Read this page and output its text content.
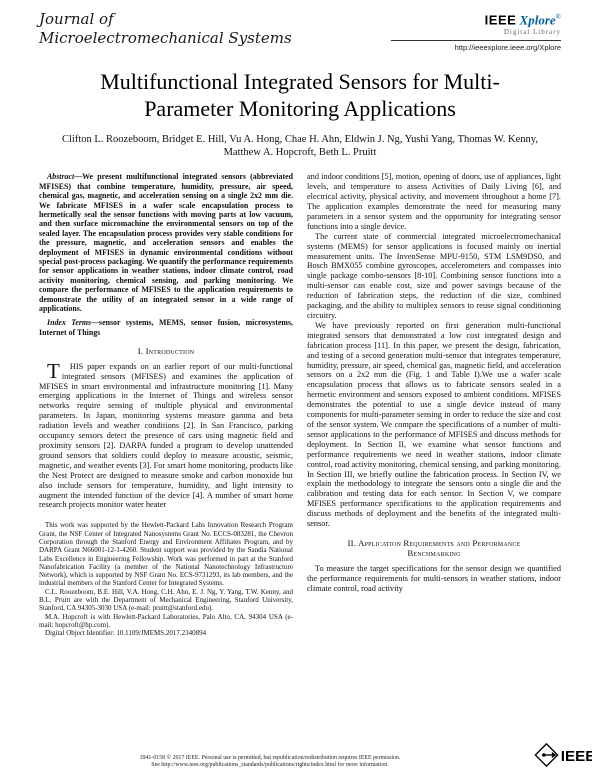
Journal of
Microelectromechanical Systems
IEEE Xplore®
Digital Library
http://ieeexplore.ieee.org/Xplore
Multifunctional Integrated Sensors for Multi-Parameter Monitoring Applications
Clifton L. Roozeboom, Bridget E. Hill, Vu A. Hong, Chae H. Ahn, Eldwin J. Ng, Yushi Yang, Thomas W. Kenny, Matthew A. Hopcroft, Beth L. Pruitt

Abstract—We present multifunctional integrated sensors (abbreviated MFISES) that combine temperature, humidity, pressure, air speed, chemical gas, magnetic, and acceleration sensing on a single 2x2 mm die. We fabricate MFISES in a wafer scale encapsulation process to hermetically seal the sensor functions with moving parts at low vacuum, and then surface micromachine the environmental sensors on top of the sealed layer. The encapsulation process provides very stable conditions for the pressure, magnetic, and acceleration sensors and enables the deployment of MFISES in dynamic environmental conditions without special post-process packaging. We quantify the performance requirements for sensor applications in weather stations, indoor climate control, road activity monitoring, chemical sensing, and parking monitoring. We compare the performance of MFISES to the application requirements to demonstrate the utility of an integrated sensor in a wide range of applications.

Index Terms—sensor systems, MEMS, sensor fusion, microsystems, Internet of Things

I. Introduction

T HIS paper expands on an earlier report of our multi-functional integrated sensors (MFISES) and examines the application of MFISES in smart environmental and infrastructure monitoring [1]. Many emerging applications in the Internet of Things and wireless sensor networks require sensing of multiple physical and environmental parameters. In Japan, monitoring systems measure gamma and beta radiation levels and weather conditions [2]. In San Francisco, parking occupancy sensors detect the presence of cars using magnetic field and proximity sensors [2]. DARPA funded a program to develop unattended ground sensors that soldiers could deploy to measure acoustic, seismic, magnetic, and weather events [3]. For smart home monitoring, products like the Nest Protect are designed to measure smoke and carbon monoxide but also include sensors for temperature, humidity, and light intensity to augment the intended function of the device [4]. A number of smart home research projects monitor water heater

This work was supported by the Hewlett-Packard Labs Innovation Research Program Grant, the NSF Center of Integrated Nanosystems Grant No. ECCS-083281, the Chevron Corporation through the Stanford Energy and Environment Affiliates Program, and by DARPA Grant N66001-12-1-4260. Student support was provided by the Sandia National Labs Excellence in Engineering Fellowship. Work was performed in part at the Stanford Nanofabrication Facility (a member of the National Nanotechnology Infrastructure Network), which is supported by NSF Grant No. ECS-9731293, its lab members, and the industrial members of the Stanford Center for Integrated Systems.

C.L. Roozeboom, B.E. Hill, V.A. Hong, C.H. Ahn, E. J. Ng, Y. Yang, T.W. Kenny, and B.L. Pruitt are with the Department of Mechanical Engineering, Stanford University, Stanford, CA 94305-3030 USA (e-mail: pruitt@stanford.edu).

M.A. Hopcroft is with Hewlett-Packard Laboratories, Palo Alto, CA, 94304 USA (e-mail: hopcroft@hp.com).

Digital Object Identifier: 10.1109/JMEMS.2017.2340894

and indoor conditions [5], motion, opening of doors, use of appliances, light levels, and temperature to assess Activities of Daily Living [6], and electrical activity, physical activity, and movement throughout a home [7]. The application examples demonstrate the need for measuring many parameters in a sensor system and the opportunity for integrating sensor functions into a single device.

The current state of commercial integrated microelectromechanical systems (MEMS) for sensor applications is focused mainly on inertial measurement units. The InvenSense MPU-9150, STM LSM9DS0, and Bosch BMX055 combine gyroscopes, accelerometers and compasses into single package combo-sensors [8-10]. Combining sensor functions into a multi-sensor can enable cost, size and power savings because of the reduction of fabrication steps, the reduction of die size, combined packaging, and the ability to multiplex sensors to reuse signal conditioning circuitry.

We have previously reported on first generation multi-functional integrated sensors that demonstrated a low cost integrated design and fabrication process [11]. In this paper, we present the design, fabrication, and testing of a second generation multi-sensor that integrates temperature, humidity, pressure, air speed, chemical gas, magnetic field, and acceleration sensors on a 2x2 mm die (Fig. 1 and Table I).We use a wafer scale encapsulation process that allows us to fabricate sensors sealed in a hermetic environment and sensors exposed to ambient conditions. MFISES demonstrates the potential to use a single device instead of many components for multi-parameter sensing in order to reduce the size and cost of the sensor system. We compare the specifications of a number of multi-sensor applications to the performance of MFISES and discuss methods for deployment. In Section II, we examine what sensor functions and performance requirements we need in weather stations, indoor climate control, road activity monitoring, chemical sensing, and parking monitoring. In Section III, we briefly outline the fabrication process. In Section IV, we explain the methodology to integrate the sensors onto a single die and the calibration and testing data for each sensor. In Section V, we compare MFISES performance specifications to the application requirements and discuss methods of deployment and the benefits of the integrated multi-sensor.

II. Application Requirements and Performance Benchmarking

To measure the target specifications for the sensor design we quantified the performance requirements for multi-sensors in weather stations, indoor climate control, road activity

1941-0158 © 2017 IEEE. Personal use is permitted, but republication/redistribution requires IEEE permission.
See http://www.ieee.org/publications_standards/publications/rights/index.html for more information.	IEEE
